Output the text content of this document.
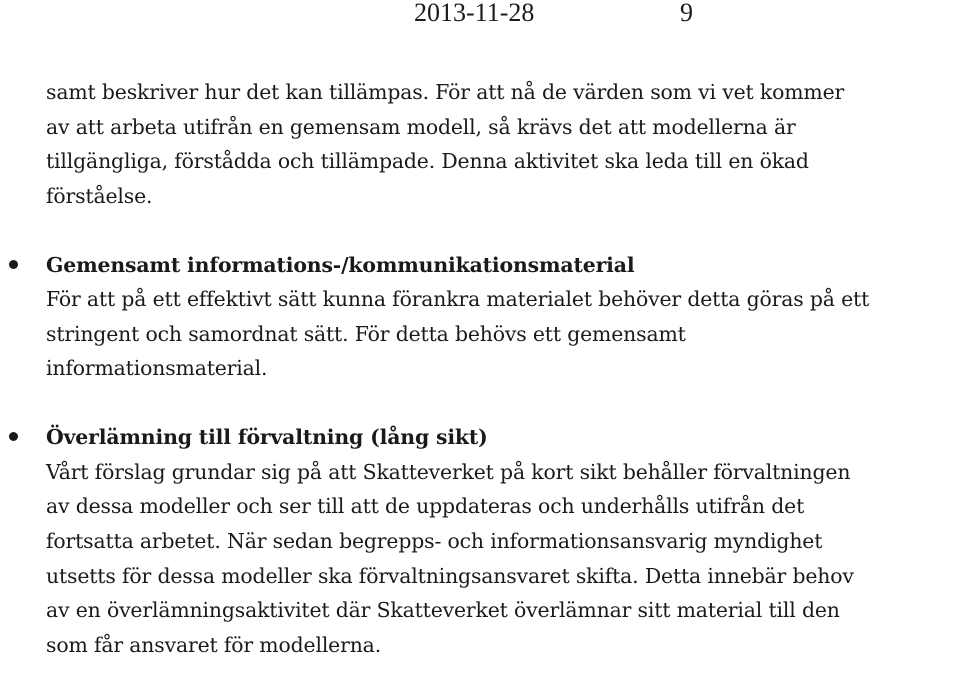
2013-11-28	9
samt beskriver hur det kan tillämpas. För att nå de värden som vi vet kommer
av att arbeta utifrån en gemensam modell, så krävs det att modellerna är
tillgängliga, förstådda och tillämpade. Denna aktivitet ska leda till en ökad
förståelse.
Gemensamt informations-/kommunikationsmaterial
För att på ett effektivt sätt kunna förankra materialet behöver detta göras på ett
stringent och samordnat sätt. För detta behövs ett gemensamt
informationsmaterial.
Överlämning till förvaltning (lång sikt)
Vårt förslag grundar sig på att Skatteverket på kort sikt behåller förvaltningen
av dessa modeller och ser till att de uppdateras och underhålls utifrån det
fortsatta arbetet. När sedan begrepps- och informationsansvarig myndighet
utsetts för dessa modeller ska förvaltningsansvaret skifta. Detta innebär behov
av en överlämningsaktivitet där Skatteverket överlämnar sitt material till den
som får ansvaret för modellerna.
